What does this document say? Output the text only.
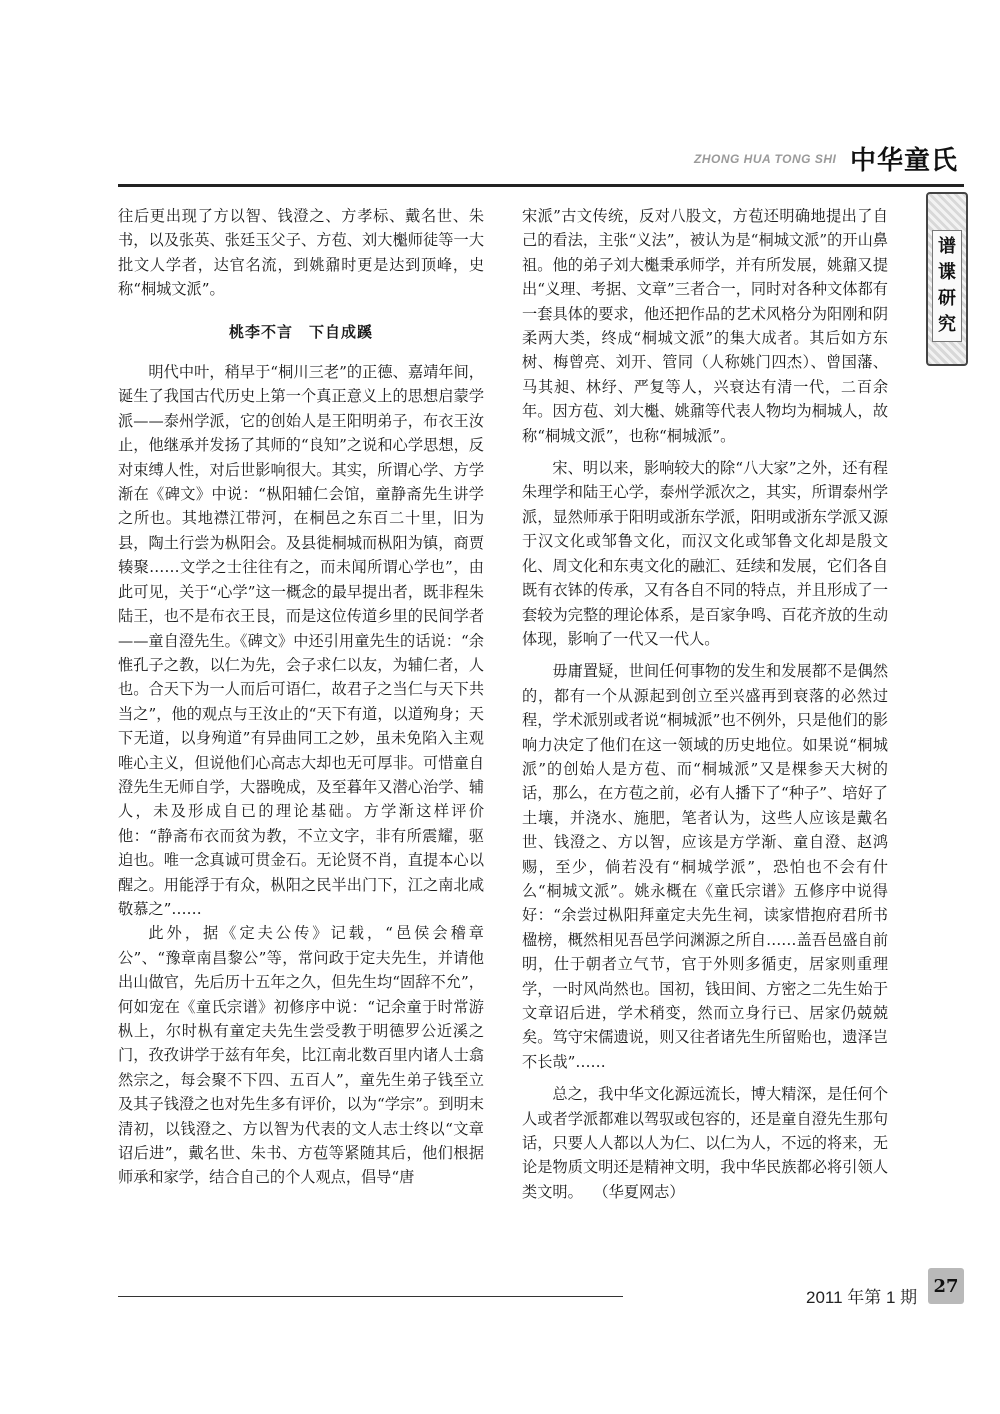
ZHONG HUA TONG SHI 中华童氏
谱
谍
研
究

往后更出现了方以智、钱澄之、方孝标、戴名世、朱书，以及张英、张廷玉父子、方苞、刘大櫆师徒等一大批文人学者，达官名流，到姚鼐时更是达到顶峰，史称“桐城文派”。

桃李不言　下自成蹊

明代中叶，稍早于“桐川三老”的正德、嘉靖年间，诞生了我国古代历史上第一个真正意义上的思想启蒙学派——泰州学派，它的创始人是王阳明弟子，布衣王汝止，他继承并发扬了其师的“良知”之说和心学思想，反对束缚人性，对后世影响很大。其实，所谓心学、方学渐在《碑文》中说：“枞阳辅仁会馆，童静斋先生讲学之所也。其地襟江带河，在桐邑之东百二十里，旧为县，陶土行尝为枞阳会。及县徙桐城而枞阳为镇，商贾辏聚……文学之士往往有之，而未闻所谓心学也”，由此可见，关于“心学”这一概念的最早提出者，既非程朱陆王，也不是布衣王艮，而是这位传道乡里的民间学者——童自澄先生。《碑文》中还引用童先生的话说：“余惟孔子之教，以仁为先，会子求仁以友，为辅仁者，人也。合天下为一人而后可语仁，故君子之当仁与天下共当之”，他的观点与王汝止的“天下有道，以道殉身；天下无道，以身殉道”有异曲同工之妙，虽未免陷入主观唯心主义，但说他们心高志大却也无可厚非。可惜童自澄先生无师自学，大器晚成，及至暮年又潜心治学、辅人，未及形成自已的理论基础。方学渐这样评价他：“静斋布衣而贫为教，不立文字，非有所震耀，驱迫也。唯一念真诚可贯金石。无论贤不肖，直提本心以醒之。用能浮于有众，枞阳之民半出门下，江之南北咸敬慕之”……

此外，据《定夫公传》记载，“邑侯会稽章公”、“豫章南昌黎公”等，常问政于定夫先生，并请他出山做官，先后历十五年之久，但先生均“固辞不允”，何如宠在《童氏宗谱》初修序中说：“记余童于时常游枞上，尔时枞有童定夫先生尝受教于明德罗公近溪之门，孜孜讲学于兹有年矣，比江南北数百里内诸人士翕然宗之，每会聚不下四、五百人”，童先生弟子钱至立及其子钱澄之也对先生多有评价，以为“学宗”。到明末清初，以钱澄之、方以智为代表的文人志士终以“文章诏后进”，戴名世、朱书、方苞等紧随其后，他们根据师承和家学，结合自己的个人观点，倡导“唐

宋派”古文传统，反对八股文，方苞还明确地提出了自己的看法，主张“义法”，被认为是“桐城文派”的开山鼻祖。他的弟子刘大櫆秉承师学，并有所发展，姚鼐又提出“义理、考据、文章”三者合一，同时对各种文体都有一套具体的要求，他还把作品的艺术风格分为阳刚和阴柔两大类，终成“桐城文派”的集大成者。其后如方东树、梅曾亮、刘开、管同（人称姚门四杰）、曾国藩、马其昶、林纾、严复等人，兴衰达有清一代，二百余年。因方苞、刘大櫆、姚鼐等代表人物均为桐城人，故称“桐城文派”，也称“桐城派”。

宋、明以来，影响较大的除“八大家”之外，还有程朱理学和陆王心学，泰州学派次之，其实，所谓泰州学派，显然师承于阳明或浙东学派，阳明或浙东学派又源于汉文化或邹鲁文化，而汉文化或邹鲁文化却是殷文化、周文化和东夷文化的融汇、廷续和发展，它们各自既有衣钵的传承，又有各自不同的特点，并且形成了一套较为完整的理论体系，是百家争鸣、百花齐放的生动体现，影响了一代又一代人。

毋庸置疑，世间任何事物的发生和发展都不是偶然的，都有一个从源起到创立至兴盛再到衰落的必然过程，学术派别或者说“桐城派”也不例外，只是他们的影响力决定了他们在这一领域的历史地位。如果说“桐城派”的创始人是方苞、而“桐城派”又是棵参天大树的话，那么，在方苞之前，必有人播下了“种子”、培好了土壤，并浇水、施肥，笔者认为，这些人应该是戴名世、钱澄之、方以智，应该是方学渐、童自澄、赵鸿赐，至少，倘若没有“桐城学派”，恐怕也不会有什么“桐城文派”。姚永概在《童氏宗谱》五修序中说得好：“余尝过枞阳拜童定夫先生祠，读家惜抱府君所书楹榜，概然相见吾邑学问渊源之所自……盖吾邑盛自前明，仕于朝者立气节，官于外则多循吏，居家则重理学，一时风尚然也。国初，钱田间、方密之二先生始于文章诏后进，学术稍变，然而立身行已、居家仍兢兢矣。笃守宋儒遗说，则又往者诸先生所留贻也，遗泽岂不长哉”……

总之，我中华文化源远流长，博大精深，是任何个人或者学派都难以驾驭或包容的，还是童自澄先生那句话，只要人人都以人为仁、以仁为人，不远的将来，无论是物质文明还是精神文明，我中华民族都必将引领人类文明。 （华夏网志）

2011 年第 1 期
27
